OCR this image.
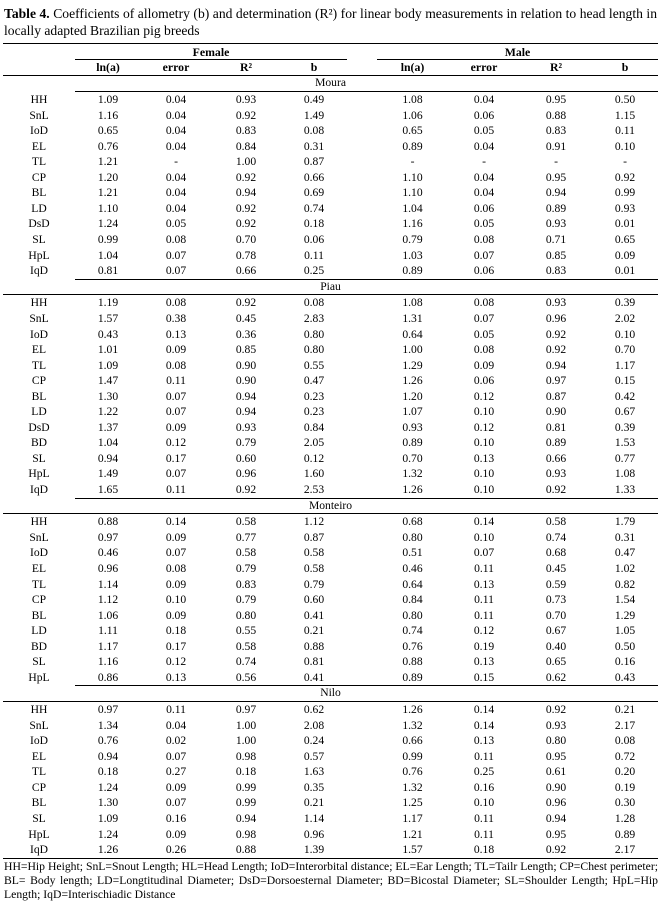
Table 4. Coefficients of allometry (b) and determination (R²) for linear body measurements in relation to head length in locally adapted Brazilian pig breeds
	Female					Male			
	ln(a)	error	R²	b		ln(a)	error	R²	b
Moura									
HH	1.09	0.04	0.93	0.49		1.08	0.04	0.95	0.50
SnL	1.16	0.04	0.92	1.49		1.06	0.06	0.88	1.15
IoD	0.65	0.04	0.83	0.08		0.65	0.05	0.83	0.11
EL	0.76	0.04	0.84	0.31		0.89	0.04	0.91	0.10
TL	1.21	-	1.00	0.87		-	-	-	-
CP	1.20	0.04	0.92	0.66		1.10	0.04	0.95	0.92
BL	1.21	0.04	0.94	0.69		1.10	0.04	0.94	0.99
LD	1.10	0.04	0.92	0.74		1.04	0.06	0.89	0.93
DsD	1.24	0.05	0.92	0.18		1.16	0.05	0.93	0.01
SL	0.99	0.08	0.70	0.06		0.79	0.08	0.71	0.65
HpL	1.04	0.07	0.78	0.11		1.03	0.07	0.85	0.09
IqD	0.81	0.07	0.66	0.25		0.89	0.06	0.83	0.01
Piau									
HH	1.19	0.08	0.92	0.08		1.08	0.08	0.93	0.39
SnL	1.57	0.38	0.45	2.83		1.31	0.07	0.96	2.02
IoD	0.43	0.13	0.36	0.80		0.64	0.05	0.92	0.10
EL	1.01	0.09	0.85	0.80		1.00	0.08	0.92	0.70
TL	1.09	0.08	0.90	0.55		1.29	0.09	0.94	1.17
CP	1.47	0.11	0.90	0.47		1.26	0.06	0.97	0.15
BL	1.30	0.07	0.94	0.23		1.20	0.12	0.87	0.42
LD	1.22	0.07	0.94	0.23		1.07	0.10	0.90	0.67
DsD	1.37	0.09	0.93	0.84		0.93	0.12	0.81	0.39
BD	1.04	0.12	0.79	2.05		0.89	0.10	0.89	1.53
SL	0.94	0.17	0.60	0.12		0.70	0.13	0.66	0.77
HpL	1.49	0.07	0.96	1.60		1.32	0.10	0.93	1.08
IqD	1.65	0.11	0.92	2.53		1.26	0.10	0.92	1.33
Monteiro									
HH	0.88	0.14	0.58	1.12		0.68	0.14	0.58	1.79
SnL	0.97	0.09	0.77	0.87		0.80	0.10	0.74	0.31
IoD	0.46	0.07	0.58	0.58		0.51	0.07	0.68	0.47
EL	0.96	0.08	0.79	0.58		0.46	0.11	0.45	1.02
TL	1.14	0.09	0.83	0.79		0.64	0.13	0.59	0.82
CP	1.12	0.10	0.79	0.60		0.84	0.11	0.73	1.54
BL	1.06	0.09	0.80	0.41		0.80	0.11	0.70	1.29
LD	1.11	0.18	0.55	0.21		0.74	0.12	0.67	1.05
BD	1.17	0.17	0.58	0.88		0.76	0.19	0.40	0.50
SL	1.16	0.12	0.74	0.81		0.88	0.13	0.65	0.16
HpL	0.86	0.13	0.56	0.41		0.89	0.15	0.62	0.43
Nilo									
HH	0.97	0.11	0.97	0.62		1.26	0.14	0.92	0.21
SnL	1.34	0.04	1.00	2.08		1.32	0.14	0.93	2.17
IoD	0.76	0.02	1.00	0.24		0.66	0.13	0.80	0.08
EL	0.94	0.07	0.98	0.57		0.99	0.11	0.95	0.72
TL	0.18	0.27	0.18	1.63		0.76	0.25	0.61	0.20
CP	1.24	0.09	0.99	0.35		1.32	0.16	0.90	0.19
BL	1.30	0.07	0.99	0.21		1.25	0.10	0.96	0.30
SL	1.09	0.16	0.94	1.14		1.17	0.11	0.94	1.28
HpL	1.24	0.09	0.98	0.96		1.21	0.11	0.95	0.89
IqD	1.26	0.26	0.88	1.39		1.57	0.18	0.92	2.17
HH=Hip Height; SnL=Snout Length; HL=Head Length; IoD=Interorbital distance; EL=Ear Length; TL=Tailr Length; CP=Chest perimeter; BL= Body length; LD=Longtitudinal Diameter; DsD=Dorsoesternal Diameter; BD=Bicostal Diameter; SL=Shoulder Length; HpL=Hip Length; IqD=Interischiadic Distance
